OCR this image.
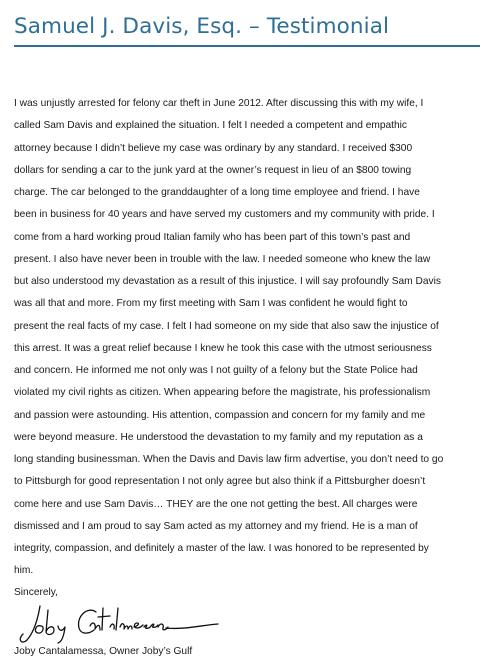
Samuel J. Davis, Esq. – Testimonial
I was unjustly arrested for felony car theft in June 2012. After discussing this with my wife, I
called Sam Davis and explained the situation. I felt I needed a competent and empathic
attorney because I didn’t believe my case was ordinary by any standard. I received $300
dollars for sending a car to the junk yard at the owner’s request in lieu of an $800 towing
charge. The car belonged to the granddaughter of a long time employee and friend. I have
been in business for 40 years and have served my customers and my community with pride. I
come from a hard working proud Italian family who has been part of this town’s past and
present. I also have never been in trouble with the law. I needed someone who knew the law
but also understood my devastation as a result of this injustice. I will say profoundly Sam Davis
was all that and more. From my first meeting with Sam I was confident he would fight to
present the real facts of my case. I felt I had someone on my side that also saw the injustice of
this arrest. It was a great relief because I knew he took this case with the utmost seriousness
and concern. He informed me not only was I not guilty of a felony but the State Police had
violated my civil rights as citizen. When appearing before the magistrate, his professionalism
and passion were astounding. His attention, compassion and concern for my family and me
were beyond measure. He understood the devastation to my family and my reputation as a
long standing businessman. When the Davis and Davis law firm advertise, you don’t need to go
to Pittsburgh for good representation I not only agree but also think if a Pittsburgher doesn’t
come here and use Sam Davis… THEY are the one not getting the best. All charges were
dismissed and I am proud to say Sam acted as my attorney and my friend. He is a man of
integrity, compassion, and definitely a master of the law. I was honored to be represented by
him.

Sincerely,

Joby Cantalamessa, Owner Joby’s Gulf
